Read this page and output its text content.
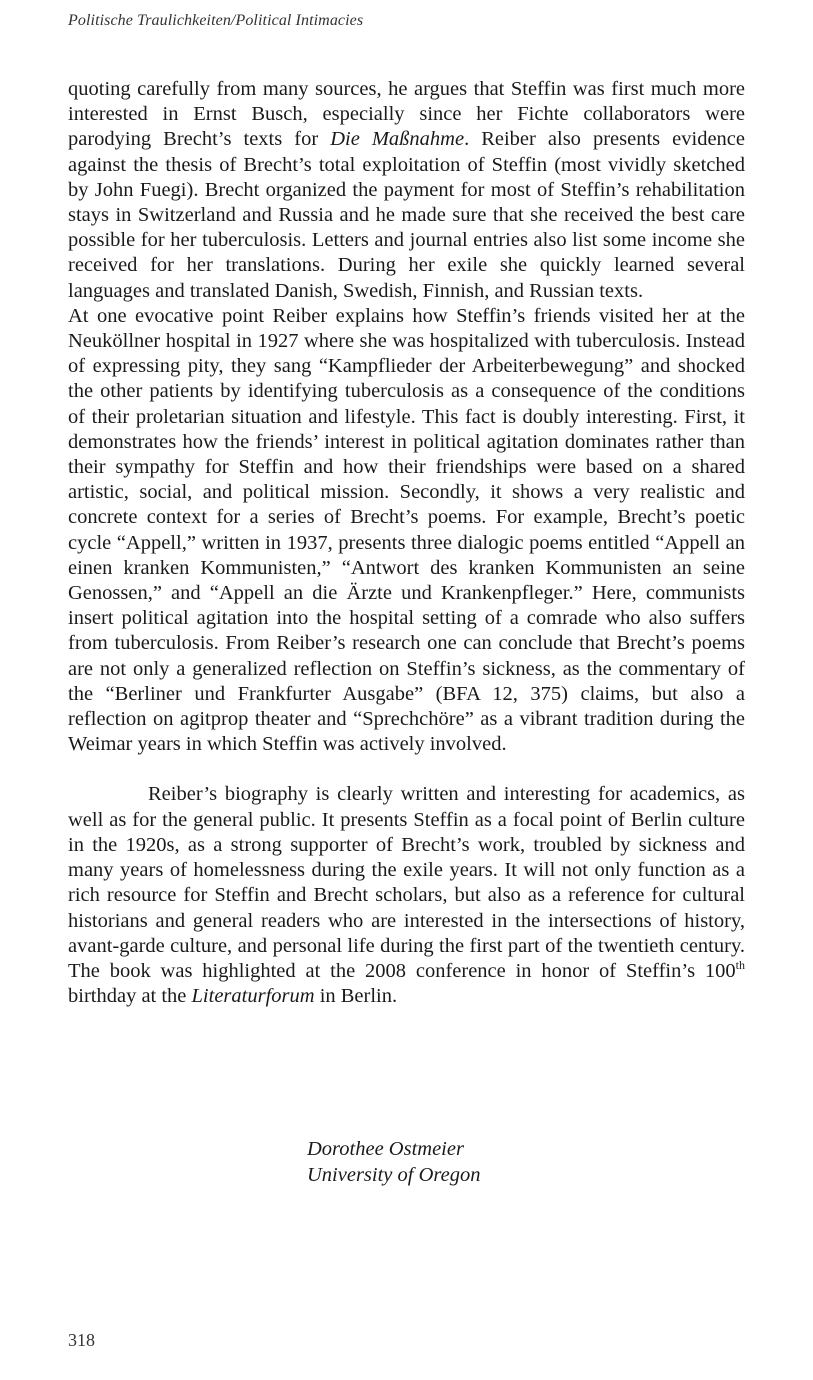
Politische Traulichkeiten/Political Intimacies

quoting carefully from many sources, he argues that Steffin was first much more interested in Ernst Busch, especially since her Fichte collaborators were parodying Brecht’s texts for Die Maßnahme. Reiber also presents evidence against the thesis of Brecht’s total exploitation of Steffin (most vividly sketched by John Fuegi). Brecht organized the payment for most of Steffin’s rehabilitation stays in Switzerland and Russia and he made sure that she received the best care possible for her tuberculosis. Letters and journal entries also list some income she received for her translations. During her exile she quickly learned several languages and translated Danish, Swedish, Finnish, and Russian texts.

At one evocative point Reiber explains how Steffin’s friends visited her at the Neuköllner hospital in 1927 where she was hospitalized with tuberculosis. Instead of expressing pity, they sang “Kampflieder der Arbeiterbewegung” and shocked the other patients by identifying tuberculosis as a consequence of the conditions of their proletarian situation and lifestyle. This fact is doubly interesting. First, it demonstrates how the friends’ interest in political agitation dominates rather than their sympathy for Steffin and how their friendships were based on a shared artistic, social, and political mission. Secondly, it shows a very realistic and concrete context for a series of Brecht’s poems. For example, Brecht’s poetic cycle “Appell,” written in 1937, presents three dialogic poems entitled “Appell an einen kranken Kommunisten,” “Antwort des kranken Kommunisten an seine Genossen,” and “Appell an die Ärzte und Krankenpfleger.” Here, communists insert political agitation into the hospital setting of a comrade who also suffers from tuberculosis. From Reiber’s research one can conclude that Brecht’s poems are not only a generalized reflection on Steffin’s sickness, as the commentary of the “Berliner und Frankfurter Ausgabe” (BFA 12, 375) claims, but also a reflection on agitprop theater and “Sprechchöre” as a vibrant tradition during the Weimar years in which Steffin was actively involved.

Reiber’s biography is clearly written and interesting for academics, as well as for the general public. It presents Steffin as a focal point of Berlin culture in the 1920s, as a strong supporter of Brecht’s work, troubled by sickness and many years of homelessness during the exile years. It will not only function as a rich resource for Steffin and Brecht scholars, but also as a reference for cultural historians and general readers who are interested in the intersections of history, avant-garde culture, and personal life during the first part of the twentieth century. The book was highlighted at the 2008 conference in honor of Steffin’s 100th birthday at the Literaturforum in Berlin.

Dorothee Ostmeier
University of Oregon
318
